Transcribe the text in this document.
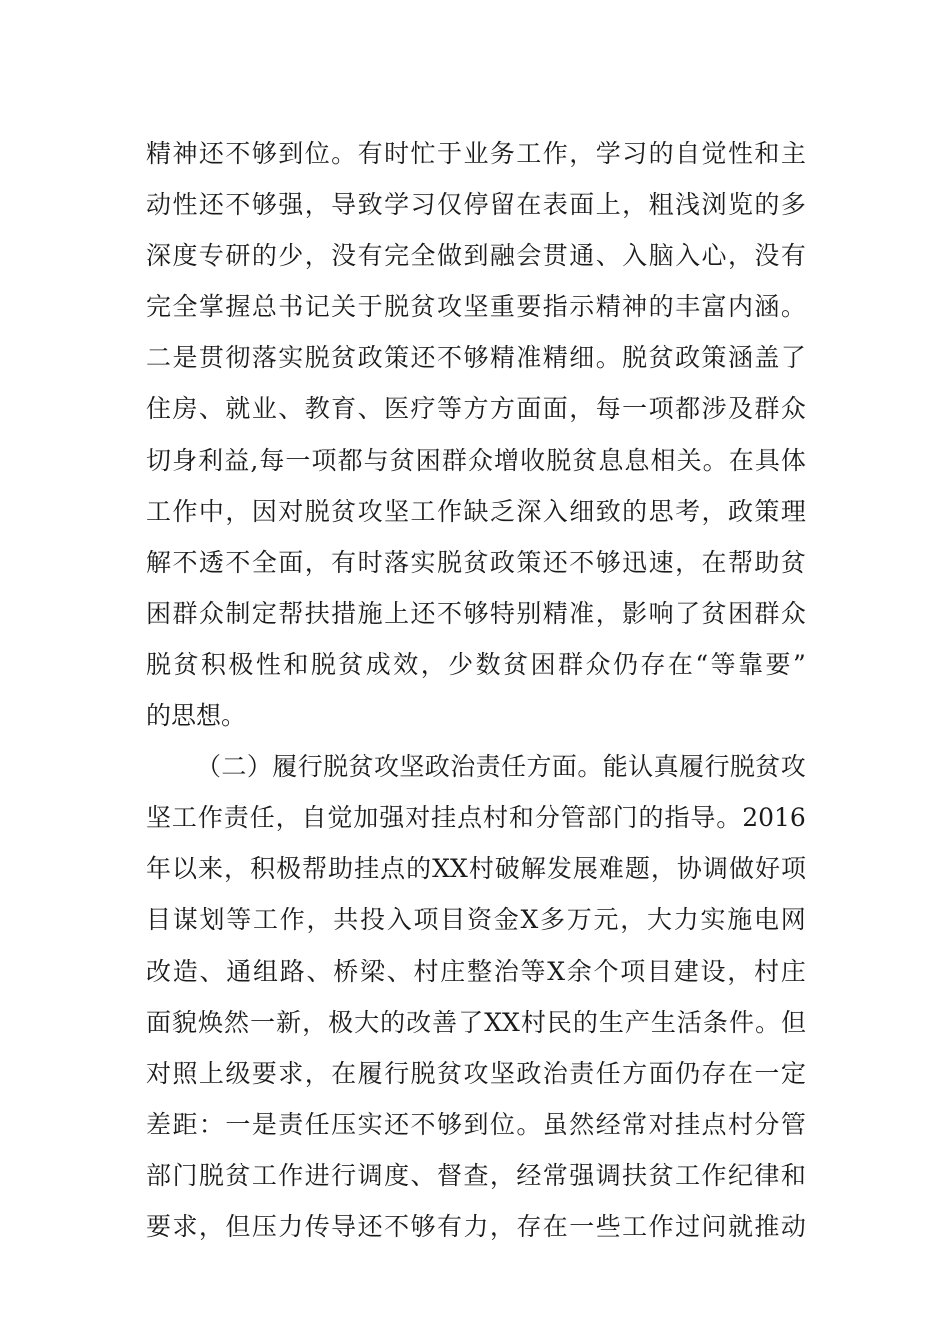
精 神 还 不 够 到 位 。 有 时 忙 于 业 务 工 作 ， 学 习 的 自 觉 性 和 主
动 性 还 不 够 强 ， 导 致 学 习 仅 停 留 在 表 面 上 ， 粗 浅 浏 览 的 多
深 度 专 研 的 少 ， 没 有 完 全 做 到 融 会 贯 通 、 入 脑 入 心 ， 没 有
完 全 掌 握 总 书 记 关 于 脱 贫 攻 坚 重 要 指 示 精 神 的 丰 富 内 涵 。
二 是 贯 彻 落 实 脱 贫 政 策 还 不 够 精 准 精 细 。 脱 贫 政 策 涵 盖 了
住 房 、 就 业 、 教 育 、 医 疗 等 方 方 面 面 ， 每 一 项 都 涉 及 群 众
切 身 利 益 , 每 一 项 都 与 贫 困 群 众 增 收 脱 贫 息 息 相 关 。 在 具 体
工 作 中 ， 因 对 脱 贫 攻 坚 工 作 缺 乏 深 入 细 致 的 思 考 ， 政 策 理
解 不 透 不 全 面 ， 有 时 落 实 脱 贫 政 策 还 不 够 迅 速 ， 在 帮 助 贫
困 群 众 制 定 帮 扶 措 施 上 还 不 够 特 别 精 准 ， 影 响 了 贫 困 群 众
脱 贫 积 极 性 和 脱 贫 成 效 ， 少 数 贫 困 群 众 仍 存 在 “ 等 靠 要 ”
的思想。
（ 二 ） 履 行 脱 贫 攻 坚 政 治 责 任 方 面 。 能 认 真 履 行 脱 贫 攻
坚 工 作 责 任 ， 自 觉 加 强 对 挂 点 村 和 分 管 部 门 的 指 导 。 2016
年 以 来 ， 积 极 帮 助 挂 点 的 XX 村 破 解 发 展 难 题 ， 协 调 做 好 项
目 谋 划 等 工 作 ， 共 投 入 项 目 资 金 X 多 万 元 ， 大 力 实 施 电 网
改 造 、 通 组 路 、 桥 梁 、 村 庄 整 治 等 X 余 个 项 目 建 设 ， 村 庄
面 貌 焕 然 一 新 ， 极 大 的 改 善 了 XX 村 民 的 生 产 生 活 条 件 。 但
对 照 上 级 要 求 ， 在 履 行 脱 贫 攻 坚 政 治 责 任 方 面 仍 存 在 一 定
差 距 ： 一 是 责 任 压 实 还 不 够 到 位 。 虽 然 经 常 对 挂 点 村 分 管
部 门 脱 贫 工 作 进 行 调 度 、 督 查 ， 经 常 强 调 扶 贫 工 作 纪 律 和
要 求 ， 但 压 力 传 导 还 不 够 有 力 ， 存 在 一 些 工 作 过 问 就 推 动
